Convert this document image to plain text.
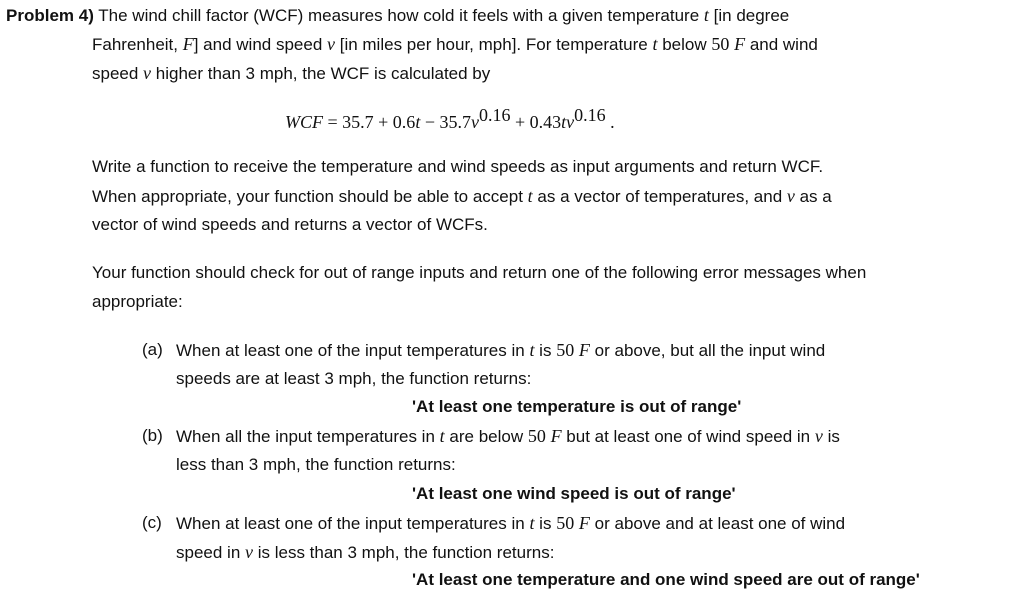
Problem 4) The wind chill factor (WCF) measures how cold it feels with a given temperature t [in degree
Fahrenheit, F] and wind speed v [in miles per hour, mph]. For temperature t below 50 F and wind
speed v higher than 3 mph, the WCF is calculated by
WCF = $35.7 + 0.6t - 35.7v^{0.16} + 0.43tv^{0.16}$ .
Write a function to receive the temperature and wind speeds as input arguments and return WCF.
When appropriate, your function should be able to accept t as a vector of temperatures, and v as a
vector of wind speeds and returns a vector of WCFs.
Your function should check for out of range inputs and return one of the following error messages when
appropriate:
(a) When at least one of the input temperatures in t is 50 F or above, but all the input wind
speeds are at least 3 mph, the function returns:
'At least one temperature is out of range'
(b) When all the input temperatures in t are below 50 F but at least one of wind speed in v is
less than 3 mph, the function returns:
'At least one wind speed is out of range'
(c) When at least one of the input temperatures in t is 50 F or above and at least one of wind
speed in v is less than 3 mph, the function returns:
'At least one temperature and one wind speed are out of range'
